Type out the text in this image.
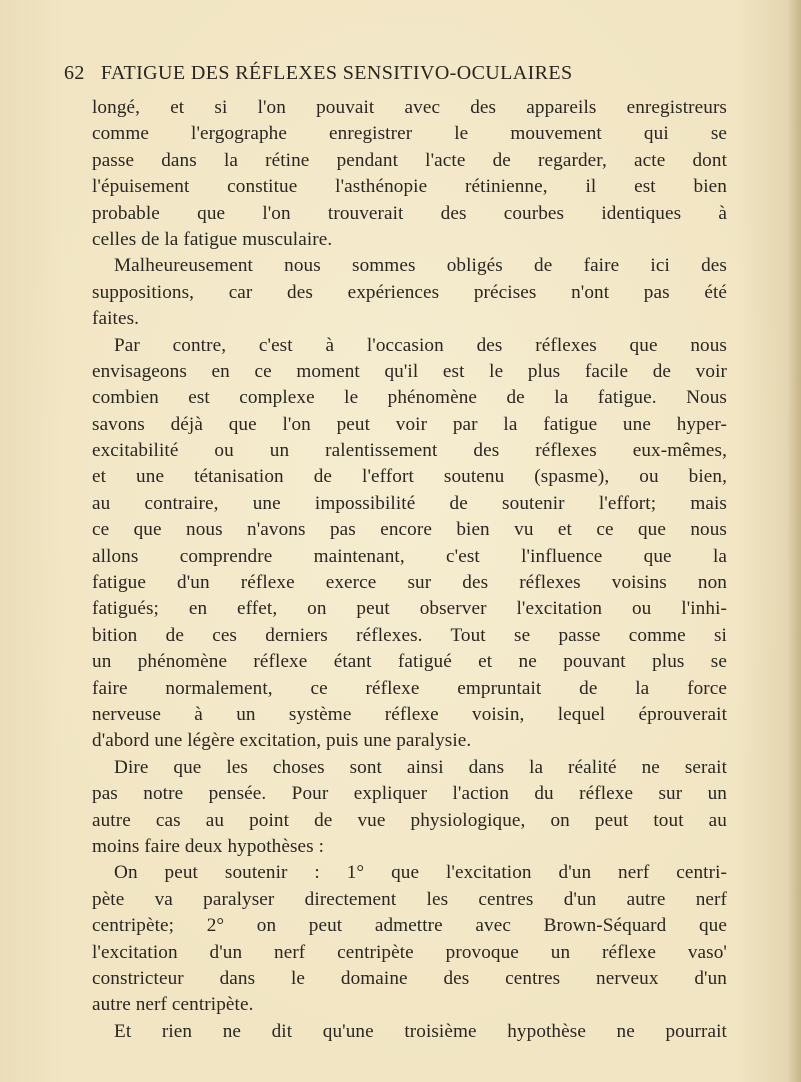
62 FATIGUE DES RÉFLEXES SENSITIVO-OCULAIRES
longé, et si l'on pouvait avec des appareils enregistreurs
comme l'ergographe enregistrer le mouvement qui se
passe dans la rétine pendant l'acte de regarder, acte dont
l'épuisement constitue l'asthénopie rétinienne, il est bien
probable que l'on trouverait des courbes identiques à
celles de la fatigue musculaire.
Malheureusement nous sommes obligés de faire ici des
suppositions, car des expériences précises n'ont pas été
faites.
Par contre, c'est à l'occasion des réflexes que nous
envisageons en ce moment qu'il est le plus facile de voir
combien est complexe le phénomène de la fatigue. Nous
savons déjà que l'on peut voir par la fatigue une hyper-
excitabilité ou un ralentissement des réflexes eux-mêmes,
et une tétanisation de l'effort soutenu (spasme), ou bien,
au contraire, une impossibilité de soutenir l'effort; mais
ce que nous n'avons pas encore bien vu et ce que nous
allons comprendre maintenant, c'est l'influence que la
fatigue d'un réflexe exerce sur des réflexes voisins non
fatigués; en effet, on peut observer l'excitation ou l'inhi-
bition de ces derniers réflexes. Tout se passe comme si
un phénomène réflexe étant fatigué et ne pouvant plus se
faire normalement, ce réflexe empruntait de la force
nerveuse à un système réflexe voisin, lequel éprouverait
d'abord une légère excitation, puis une paralysie.
Dire que les choses sont ainsi dans la réalité ne serait
pas notre pensée. Pour expliquer l'action du réflexe sur un
autre cas au point de vue physiologique, on peut tout au
moins faire deux hypothèses :
On peut soutenir : 1° que l'excitation d'un nerf centri-
pète va paralyser directement les centres d'un autre nerf
centripète; 2° on peut admettre avec Brown-Séquard que
l'excitation d'un nerf centripète provoque un réflexe vaso'
constricteur dans le domaine des centres nerveux d'un
autre nerf centripète.
Et rien ne dit qu'une troisième hypothèse ne pourrait
